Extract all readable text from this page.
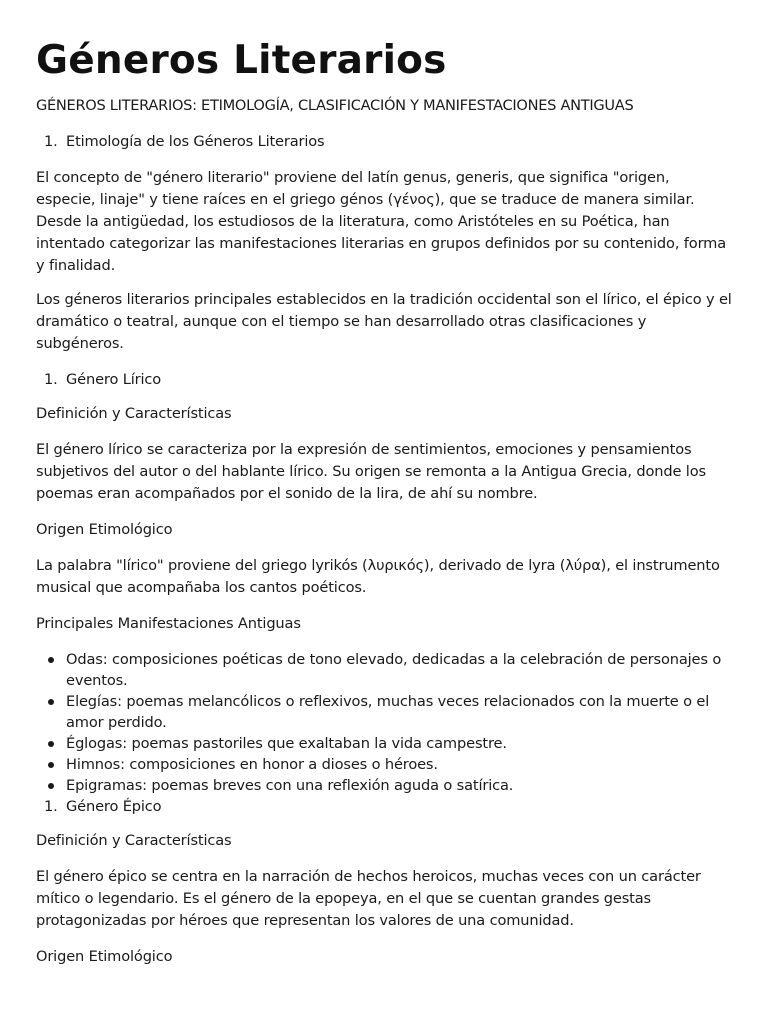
Géneros Literarios

GÉNEROS LITERARIOS: ETIMOLOGÍA, CLASIFICACIÓN Y MANIFESTACIONES ANTIGUAS

1. Etimología de los Géneros Literarios

El concepto de "género literario" proviene del latín genus, generis, que significa "origen, especie, linaje" y tiene raíces en el griego génos (γένος), que se traduce de manera similar. Desde la antigüedad, los estudiosos de la literatura, como Aristóteles en su Poética, han intentado categorizar las manifestaciones literarias en grupos definidos por su contenido, forma y finalidad.

Los géneros literarios principales establecidos en la tradición occidental son el lírico, el épico y el dramático o teatral, aunque con el tiempo se han desarrollado otras clasificaciones y subgéneros.

1. Género Lírico

Definición y Características

El género lírico se caracteriza por la expresión de sentimientos, emociones y pensamientos subjetivos del autor o del hablante lírico. Su origen se remonta a la Antigua Grecia, donde los poemas eran acompañados por el sonido de la lira, de ahí su nombre.

Origen Etimológico

La palabra "lírico" proviene del griego lyrikós (λυρικός), derivado de lyra (λύρα), el instrumento musical que acompañaba los cantos poéticos.

Principales Manifestaciones Antiguas

Odas: composiciones poéticas de tono elevado, dedicadas a la celebración de personajes o eventos.
Elegías: poemas melancólicos o reflexivos, muchas veces relacionados con la muerte o el amor perdido.
Églogas: poemas pastoriles que exaltaban la vida campestre.
Himnos: composiciones en honor a dioses o héroes.
Epigramas: poemas breves con una reflexión aguda o satírica.
1. Género Épico

Definición y Características

El género épico se centra en la narración de hechos heroicos, muchas veces con un carácter mítico o legendario. Es el género de la epopeya, en el que se cuentan grandes gestas protagonizadas por héroes que representan los valores de una comunidad.

Origen Etimológico
